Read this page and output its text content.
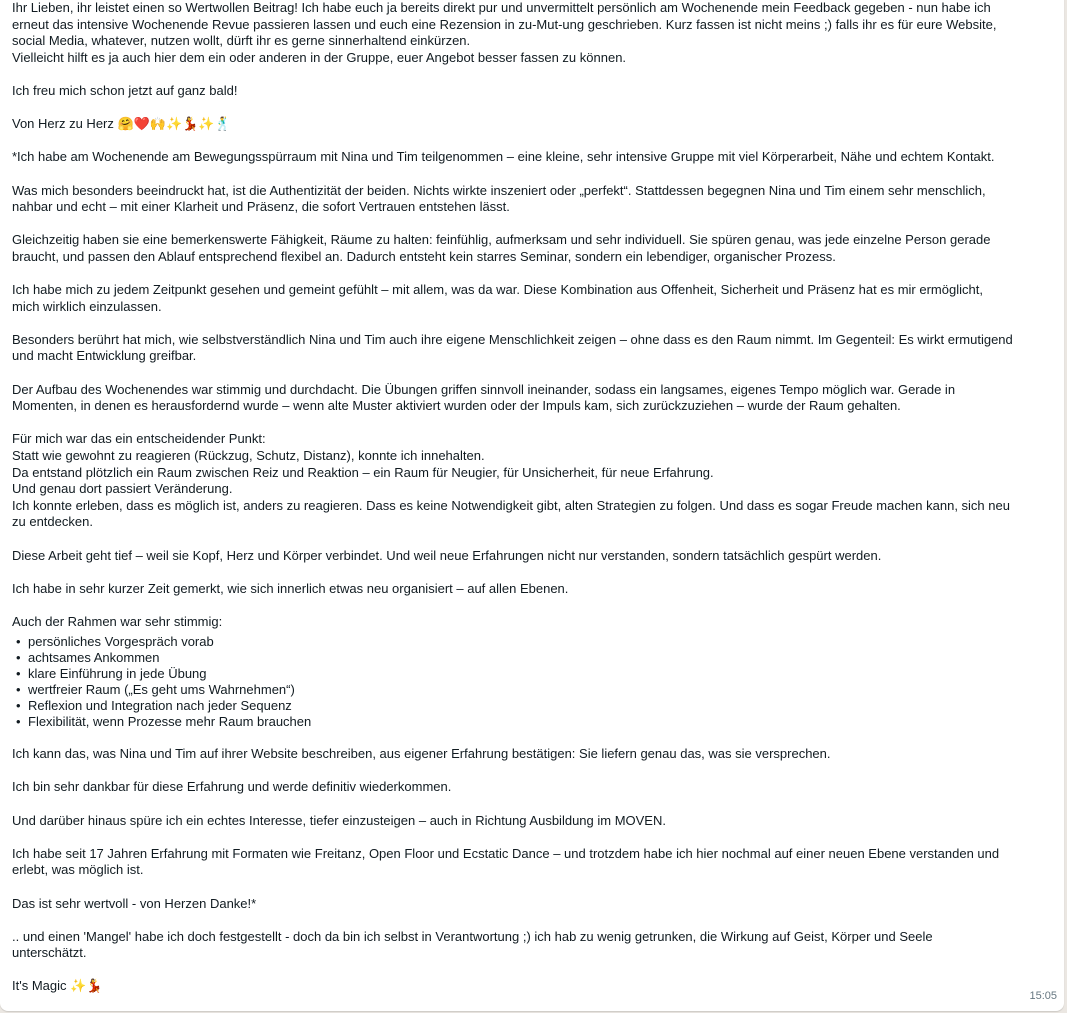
Ihr Lieben, ihr leistet einen so Wertwollen Beitrag! Ich habe euch ja bereits direkt pur und unvermittelt persönlich am Wochenende mein Feedback gegeben - nun habe ich
erneut das intensive Wochenende Revue passieren lassen und euch eine Rezension in zu-Mut-ung geschrieben. Kurz fassen ist nicht meins ;) falls ihr es für eure Website,
social Media, whatever, nutzen wollt, dürft ihr es gerne sinnerhaltend einkürzen.
Vielleicht hilft es ja auch hier dem ein oder anderen in der Gruppe, euer Angebot besser fassen zu können.
Ich freu mich schon jetzt auf ganz bald!
Von Herz zu Herz 🤗❤️🙌✨💃✨🕺
*Ich habe am Wochenende am Bewegungsspürraum mit Nina und Tim teilgenommen – eine kleine, sehr intensive Gruppe mit viel Körperarbeit, Nähe und echtem Kontakt.
Was mich besonders beeindruckt hat, ist die Authentizität der beiden. Nichts wirkte inszeniert oder „perfekt“. Stattdessen begegnen Nina und Tim einem sehr menschlich,
nahbar und echt – mit einer Klarheit und Präsenz, die sofort Vertrauen entstehen lässt.
Gleichzeitig haben sie eine bemerkenswerte Fähigkeit, Räume zu halten: feinfühlig, aufmerksam und sehr individuell. Sie spüren genau, was jede einzelne Person gerade
braucht, und passen den Ablauf entsprechend flexibel an. Dadurch entsteht kein starres Seminar, sondern ein lebendiger, organischer Prozess.
Ich habe mich zu jedem Zeitpunkt gesehen und gemeint gefühlt – mit allem, was da war. Diese Kombination aus Offenheit, Sicherheit und Präsenz hat es mir ermöglicht,
mich wirklich einzulassen.
Besonders berührt hat mich, wie selbstverständlich Nina und Tim auch ihre eigene Menschlichkeit zeigen – ohne dass es den Raum nimmt. Im Gegenteil: Es wirkt ermutigend
und macht Entwicklung greifbar.
Der Aufbau des Wochenendes war stimmig und durchdacht. Die Übungen griffen sinnvoll ineinander, sodass ein langsames, eigenes Tempo möglich war. Gerade in
Momenten, in denen es herausfordernd wurde – wenn alte Muster aktiviert wurden oder der Impuls kam, sich zurückzuziehen – wurde der Raum gehalten.
Für mich war das ein entscheidender Punkt:
Statt wie gewohnt zu reagieren (Rückzug, Schutz, Distanz), konnte ich innehalten.
Da entstand plötzlich ein Raum zwischen Reiz und Reaktion – ein Raum für Neugier, für Unsicherheit, für neue Erfahrung.
Und genau dort passiert Veränderung.
Ich konnte erleben, dass es möglich ist, anders zu reagieren. Dass es keine Notwendigkeit gibt, alten Strategien zu folgen. Und dass es sogar Freude machen kann, sich neu
zu entdecken.
Diese Arbeit geht tief – weil sie Kopf, Herz und Körper verbindet. Und weil neue Erfahrungen nicht nur verstanden, sondern tatsächlich gespürt werden.
Ich habe in sehr kurzer Zeit gemerkt, wie sich innerlich etwas neu organisiert – auf allen Ebenen.
Auch der Rahmen war sehr stimmig:
• persönliches Vorgespräch vorab
• achtsames Ankommen
• klare Einführung in jede Übung
• wertfreier Raum („Es geht ums Wahrnehmen“)
• Reflexion und Integration nach jeder Sequenz
• Flexibilität, wenn Prozesse mehr Raum brauchen
Ich kann das, was Nina und Tim auf ihrer Website beschreiben, aus eigener Erfahrung bestätigen: Sie liefern genau das, was sie versprechen.
Ich bin sehr dankbar für diese Erfahrung und werde definitiv wiederkommen.
Und darüber hinaus spüre ich ein echtes Interesse, tiefer einzusteigen – auch in Richtung Ausbildung im MOVEN.
Ich habe seit 17 Jahren Erfahrung mit Formaten wie Freitanz, Open Floor und Ecstatic Dance – und trotzdem habe ich hier nochmal auf einer neuen Ebene verstanden und
erlebt, was möglich ist.
Das ist sehr wertvoll - von Herzen Danke!*
.. und einen 'Mangel' habe ich doch festgestellt - doch da bin ich selbst in Verantwortung ;) ich hab zu wenig getrunken, die Wirkung auf Geist, Körper und Seele
unterschätzt.
It's Magic ✨💃
15:05
